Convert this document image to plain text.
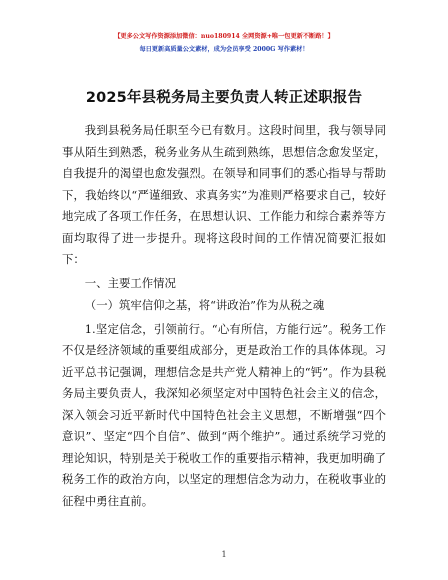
【更多公文写作资源添加微信：nuo180914 全网资源+唯一包更新不断路！】
每日更新高质量公文素材，成为会员享受 2000G 写作素材！
2025年县税务局主要负责人转正述职报告

我到县税务局任职至今已有数月。这段时间里，我与领导同事从陌生到熟悉，税务业务从生疏到熟练，思想信念愈发坚定，自我提升的渴望也愈发强烈。在领导和同事们的悉心指导与帮助下，我始终以“严谨细致、求真务实”为准则严格要求自己，较好地完成了各项工作任务，在思想认识、工作能力和综合素养等方面均取得了进一步提升。现将这段时间的工作情况简要汇报如下：

一、主要工作情况

（一）筑牢信仰之基，将“讲政治”作为从税之魂

1.坚定信念，引领前行。“心有所信，方能行远”。税务工作不仅是经济领域的重要组成部分，更是政治工作的具体体现。习近平总书记强调，理想信念是共产党人精神上的“钙”。作为县税务局主要负责人，我深知必须坚定对中国特色社会主义的信念，深入领会习近平新时代中国特色社会主义思想，不断增强“四个意识”、坚定“四个自信”、做到“两个维护”。通过系统学习党的理论知识，特别是关于税收工作的重要指示精神，我更加明确了税务工作的政治方向，以坚定的理想信念为动力，在税收事业的征程中勇往直前。

1
